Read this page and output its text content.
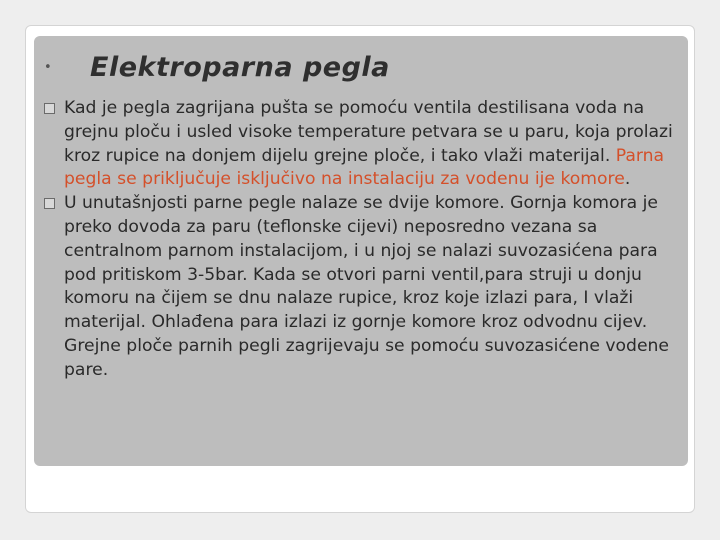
•	Elektroparna pegla
Kad je pegla zagrijana pušta se pomoću ventila destilisana voda na grejnu ploču i usled visoke temperature petvara se u paru, koja prolazi kroz rupice na donjem dijelu grejne ploče, i tako vlaži materijal. Parna pegla se priključuje isključivo na instalaciju za vodenu ije komore.
U unutašnjosti parne pegle nalaze se dvije komore. Gornja komora je preko dovoda za paru (teflonske cijevi) neposredno vezana sa centralnom parnom instalacijom, i u njoj se nalazi suvozasićena para pod pritiskom 3-5bar. Kada se otvori parni ventil,para struji u donju komoru na čijem se dnu nalaze rupice, kroz koje izlazi para, I vlaži materijal. Ohlađena para izlazi iz gornje komore kroz odvodnu cijev. Grejne ploče parnih pegli zagrijevaju se pomoću suvozasićene vodene pare.
